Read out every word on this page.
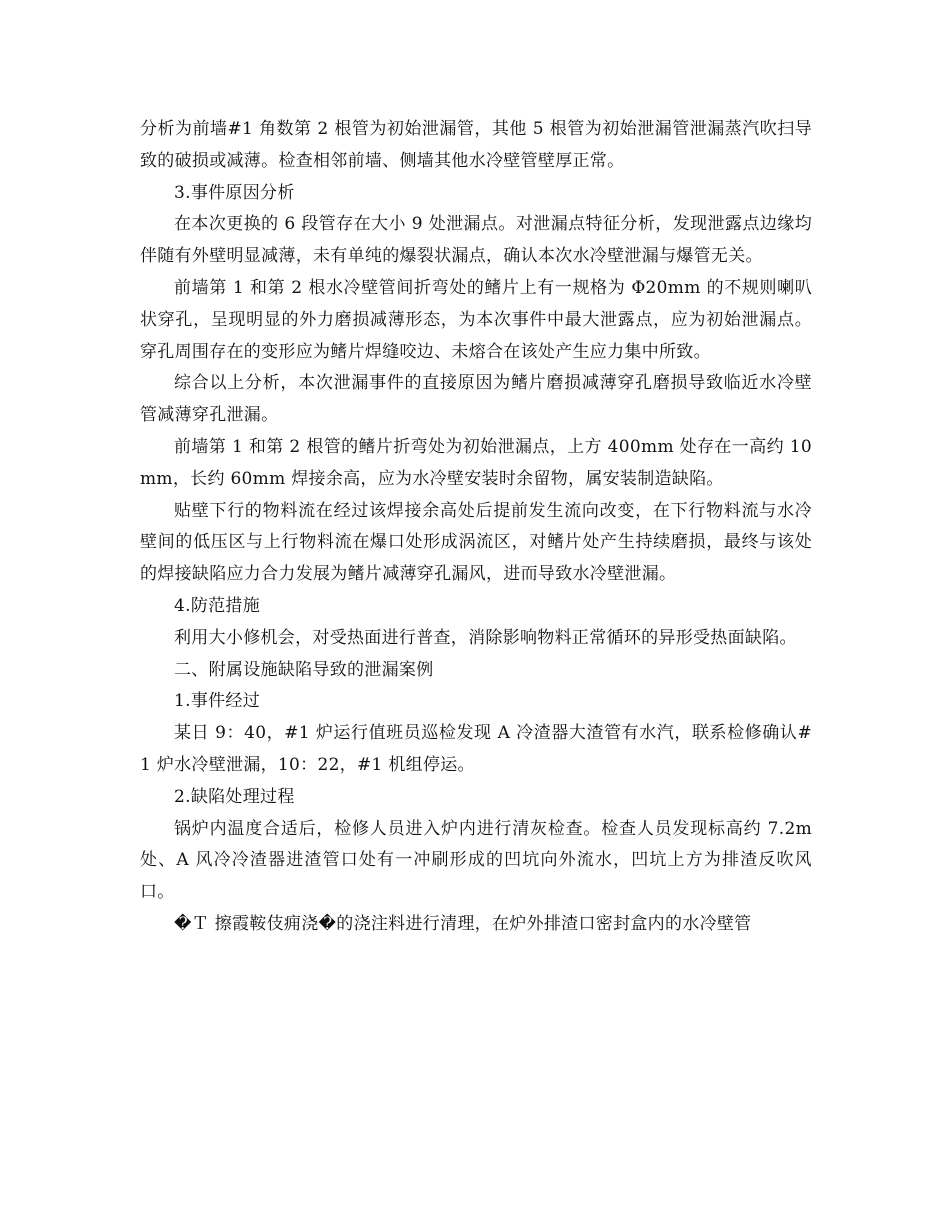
分析为前墙#1 角数第 2 根管为初始泄漏管，其他 5 根管为初始泄漏管泄漏蒸汽吹扫导致的破损或减薄。检查相邻前墙、侧墙其他水冷壁管壁厚正常。

3.事件原因分析

在本次更换的 6 段管存在大小 9 处泄漏点。对泄漏点特征分析，发现泄露点边缘均伴随有外壁明显减薄，未有单纯的爆裂状漏点，确认本次水冷壁泄漏与爆管无关。

前墙第 1 和第 2 根水冷壁管间折弯处的鳍片上有一规格为 Φ20mm 的不规则喇叭状穿孔，呈现明显的外力磨损减薄形态，为本次事件中最大泄露点，应为初始泄漏点。穿孔周围存在的变形应为鳍片焊缝咬边、未熔合在该处产生应力集中所致。

综合以上分析，本次泄漏事件的直接原因为鳍片磨损减薄穿孔磨损导致临近水冷壁管减薄穿孔泄漏。

前墙第 1 和第 2 根管的鳍片折弯处为初始泄漏点，上方 400mm 处存在一高约 10mm，长约 60mm 焊接余高，应为水冷壁安装时余留物，属安装制造缺陷。

贴壁下行的物料流在经过该焊接余高处后提前发生流向改变，在下行物料流与水冷壁间的低压区与上行物料流在爆口处形成涡流区，对鳍片处产生持续磨损，最终与该处的焊接缺陷应力合力发展为鳍片减薄穿孔漏风，进而导致水冷壁泄漏。

4.防范措施

利用大小修机会，对受热面进行普查，消除影响物料正常循环的异形受热面缺陷。

二、附属设施缺陷导致的泄漏案例

1.事件经过

某日 9：40，#1 炉运行值班员巡检发现 A 冷渣器大渣管有水汽，联系检修确认#1 炉水冷壁泄漏，10：22，#1 机组停运。

2.缺陷处理过程

锅炉内温度合适后，检修人员进入炉内进行清灰检查。检查人员发现标高约 7.2m 处、A 风冷冷渣器进渣管口处有一冲刷形成的凹坑向外流水，凹坑上方为排渣反吹风口。

�Ｔ 擦霞鞍伎痈浇�的浇注料进行清理，在炉外排渣口密封盒内的水冷壁管
